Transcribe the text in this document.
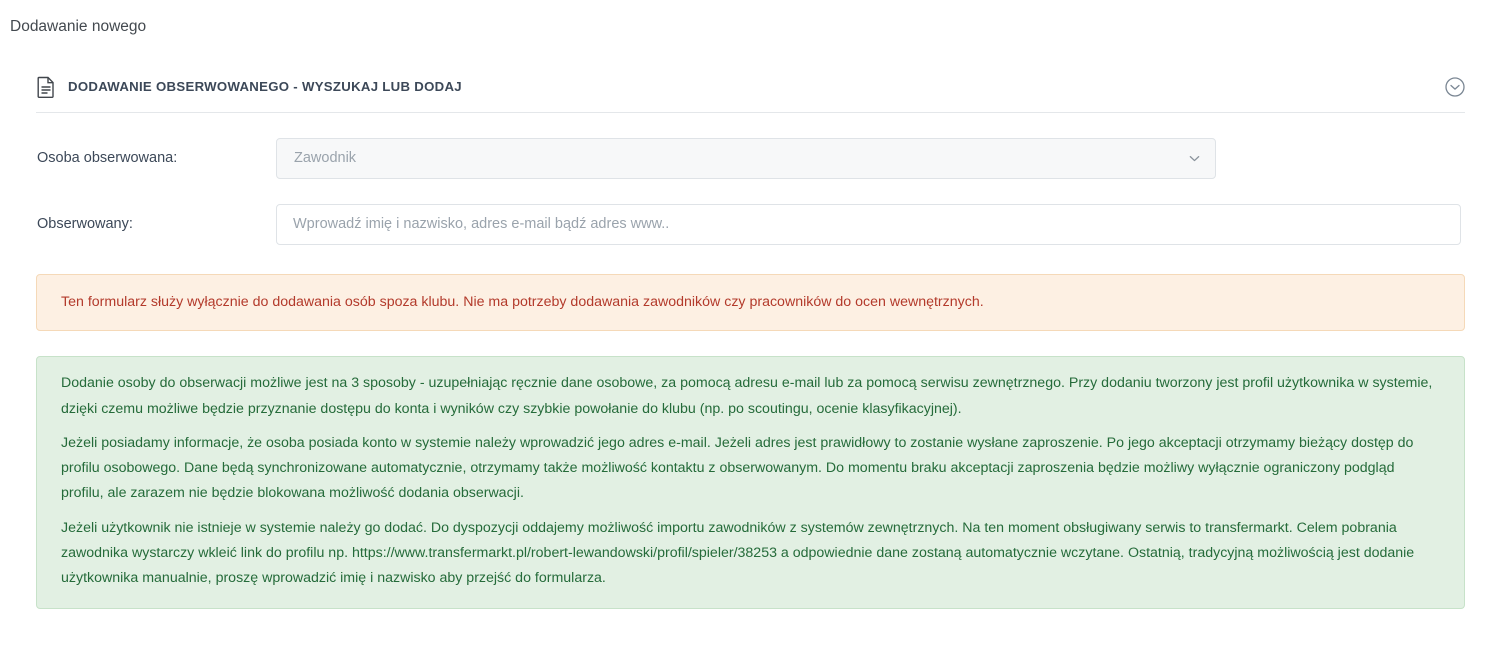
Dodawanie nowego
DODAWANIE OBSERWOWANEGO - WYSZUKAJ LUB DODAJ
Osoba obserwowana:	Zawodnik
Obserwowany:
Wprowadź imię i nazwisko, adres e-mail bądź adres www..
Ten formularz służy wyłącznie do dodawania osób spoza klubu. Nie ma potrzeby dodawania zawodników czy pracowników do ocen wewnętrznych.

Dodanie osoby do obserwacji możliwe jest na 3 sposoby - uzupełniając ręcznie dane osobowe, za pomocą adresu e-mail lub za pomocą serwisu zewnętrznego. Przy dodaniu tworzony jest profil użytkownika w systemie, dzięki czemu możliwe będzie przyznanie dostępu do konta i wyników czy szybkie powołanie do klubu (np. po scoutingu, ocenie klasyfikacyjnej).

Jeżeli posiadamy informacje, że osoba posiada konto w systemie należy wprowadzić jego adres e-mail. Jeżeli adres jest prawidłowy to zostanie wysłane zaproszenie. Po jego akceptacji otrzymamy bieżący dostęp do profilu osobowego. Dane będą synchronizowane automatycznie, otrzymamy także możliwość kontaktu z obserwowanym. Do momentu braku akceptacji zaproszenia będzie możliwy wyłącznie ograniczony podgląd profilu, ale zarazem nie będzie blokowana możliwość dodania obserwacji.

Jeżeli użytkownik nie istnieje w systemie należy go dodać. Do dyspozycji oddajemy możliwość importu zawodników z systemów zewnętrznych. Na ten moment obsługiwany serwis to transfermarkt. Celem pobrania zawodnika wystarczy wkleić link do profilu np. https://www.transfermarkt.pl/robert-lewandowski/profil/spieler/38253 a odpowiednie dane zostaną automatycznie wczytane. Ostatnią, tradycyjną możliwością jest dodanie użytkownika manualnie, proszę wprowadzić imię i nazwisko aby przejść do formularza.
